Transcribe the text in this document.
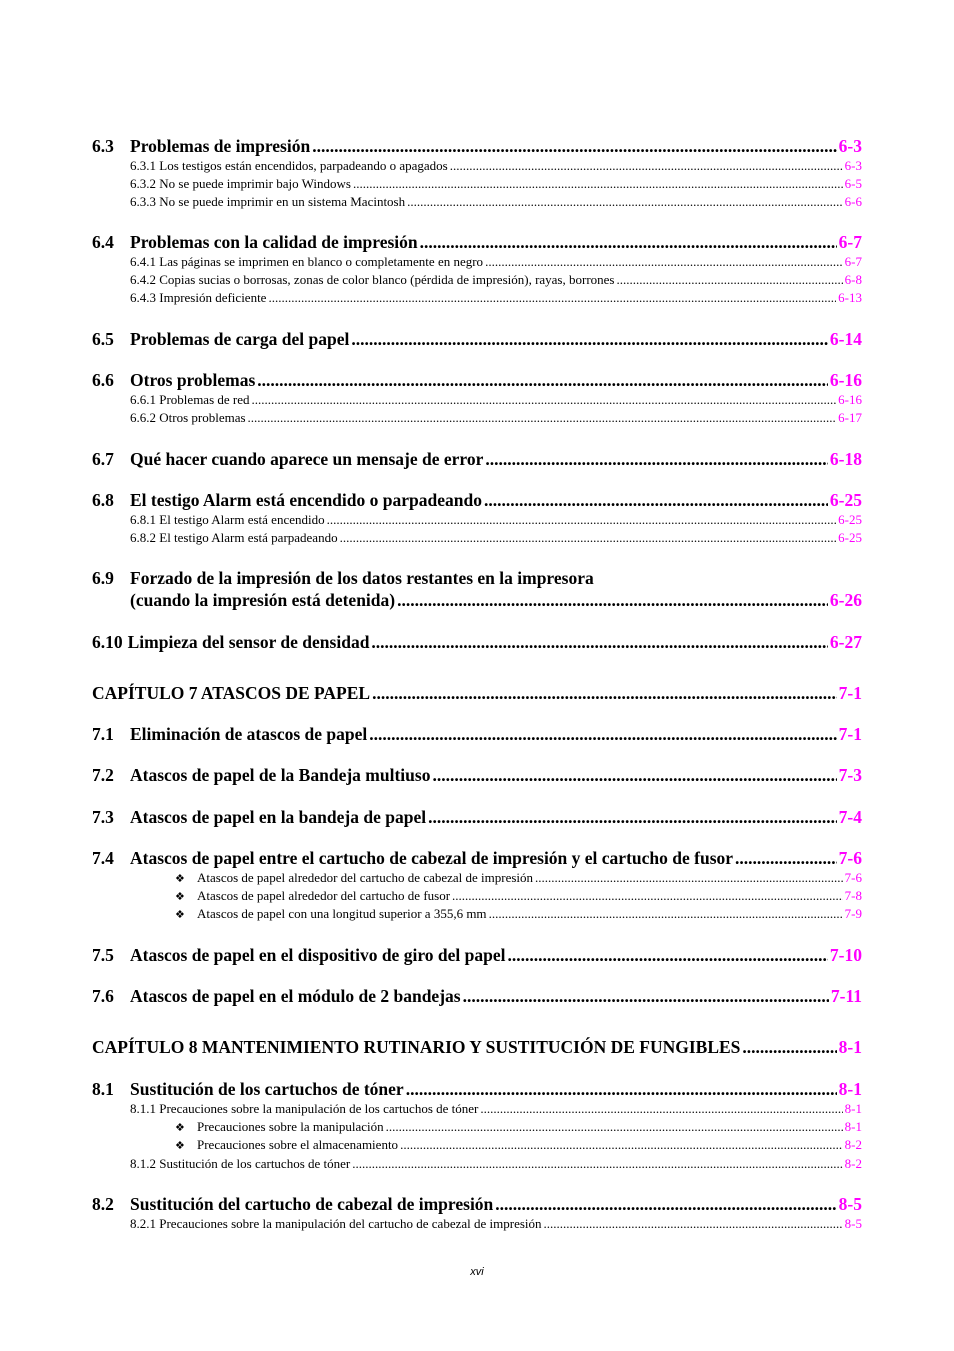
6.3 Problemas de impresión .....	6-3
6.3.1 Los testigos están encendidos, parpadeando o apagados .....	6-3
6.3.2 No se puede imprimir bajo Windows .....	6-5
6.3.3 No se puede imprimir en un sistema Macintosh .....	6-6
6.4 Problemas con la calidad de impresión .....	6-7
6.4.1 Las páginas se imprimen en blanco o completamente en negro .....	6-7
6.4.2 Copias sucias o borrosas, zonas de color blanco (pérdida de impresión), rayas, borrones .....	6-8
6.4.3 Impresión deficiente .....	6-13
6.5 Problemas de carga del papel .....	6-14
6.6 Otros problemas .....	6-16
6.6.1 Problemas de red .....	6-16
6.6.2 Otros problemas .....	6-17
6.7 Qué hacer cuando aparece un mensaje de error .....	6-18
6.8 El testigo Alarm está encendido o parpadeando .....	6-25
6.8.1 El testigo Alarm está encendido .....	6-25
6.8.2 El testigo Alarm está parpadeando .....	6-25
6.9 Forzado de la impresión de los datos restantes en la impresora
(cuando la impresión está detenida) .....	6-26
6.10 Limpieza del sensor de densidad .....	6-27
CAPÍTULO 7 ATASCOS DE PAPEL .....	7-1
7.1 Eliminación de atascos de papel .....	7-1
7.2 Atascos de papel de la Bandeja multiuso .....	7-3
7.3 Atascos de papel en la bandeja de papel .....	7-4
7.4 Atascos de papel entre el cartucho de cabezal de impresión y el cartucho de fusor .....	7-6
❖ Atascos de papel alrededor del cartucho de cabezal de impresión .....	7-6
❖ Atascos de papel alrededor del cartucho de fusor .....	7-8
❖ Atascos de papel con una longitud superior a 355,6 mm .....	7-9
7.5 Atascos de papel en el dispositivo de giro del papel .....	7-10
7.6 Atascos de papel en el módulo de 2 bandejas .....	7-11
CAPÍTULO 8 MANTENIMIENTO RUTINARIO Y SUSTITUCIÓN DE FUNGIBLES .....	8-1
8.1 Sustitución de los cartuchos de tóner .....	8-1
8.1.1 Precauciones sobre la manipulación de los cartuchos de tóner .....	8-1
❖ Precauciones sobre la manipulación .....	8-1
❖ Precauciones sobre el almacenamiento .....	8-2
8.1.2 Sustitución de los cartuchos de tóner .....	8-2
8.2 Sustitución del cartucho de cabezal de impresión .....	8-5
8.2.1 Precauciones sobre la manipulación del cartucho de cabezal de impresión .....	8-5
xvi
